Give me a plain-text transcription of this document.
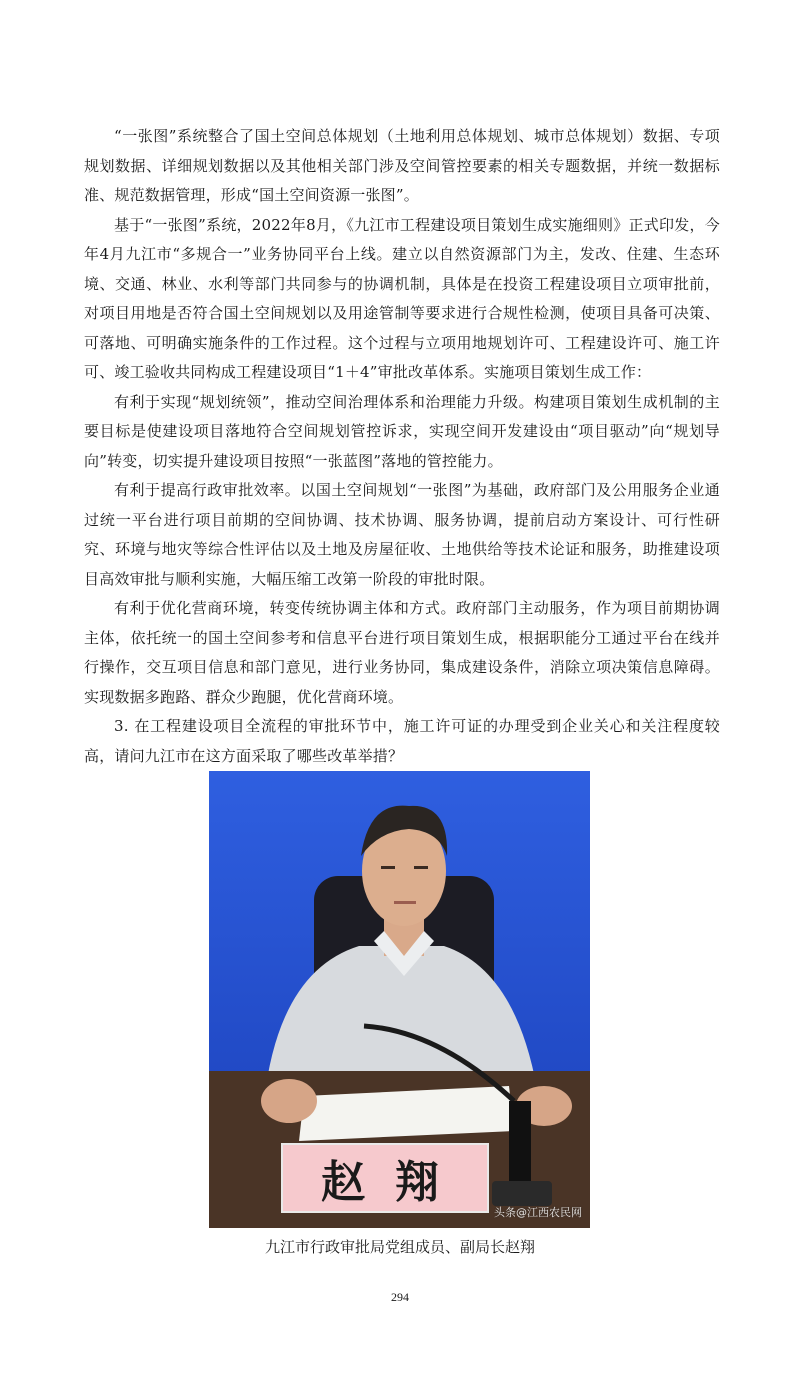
“一张图”系统整合了国土空间总体规划（土地利用总体规划、城市总体规划）数据、专项规划数据、详细规划数据以及其他相关部门涉及空间管控要素的相关专题数据，并统一数据标准、规范数据管理，形成“国土空间资源一张图”。

基于“一张图”系统，2022年8月，《九江市工程建设项目策划生成实施细则》正式印发，今年4月九江市“多规合一”业务协同平台上线。建立以自然资源部门为主，发改、住建、生态环境、交通、林业、水利等部门共同参与的协调机制，具体是在投资工程建设项目立项审批前，对项目用地是否符合国土空间规划以及用途管制等要求进行合规性检测，使项目具备可决策、可落地、可明确实施条件的工作过程。这个过程与立项用地规划许可、工程建设许可、施工许可、竣工验收共同构成工程建设项目“1＋4”审批改革体系。实施项目策划生成工作：

有利于实现“规划统领”，推动空间治理体系和治理能力升级。构建项目策划生成机制的主要目标是使建设项目落地符合空间规划管控诉求，实现空间开发建设由“项目驱动”向“规划导向”转变，切实提升建设项目按照“一张蓝图”落地的管控能力。

有利于提高行政审批效率。以国土空间规划“一张图”为基础，政府部门及公用服务企业通过统一平台进行项目前期的空间协调、技术协调、服务协调，提前启动方案设计、可行性研究、环境与地灾等综合性评估以及土地及房屋征收、土地供给等技术论证和服务，助推建设项目高效审批与顺利实施，大幅压缩工改第一阶段的审批时限。

有利于优化营商环境，转变传统协调主体和方式。政府部门主动服务，作为项目前期协调主体，依托统一的国土空间参考和信息平台进行项目策划生成，根据职能分工通过平台在线并行操作，交互项目信息和部门意见，进行业务协同，集成建设条件，消除立项决策信息障碍。实现数据多跑路、群众少跑腿，优化营商环境。

3. 在工程建设项目全流程的审批环节中，施工许可证的办理受到企业关心和关注程度较高，请问九江市在这方面采取了哪些改革举措？

赵翔
头条@江西农民网
九江市行政审批局党组成员、副局长赵翔
294
